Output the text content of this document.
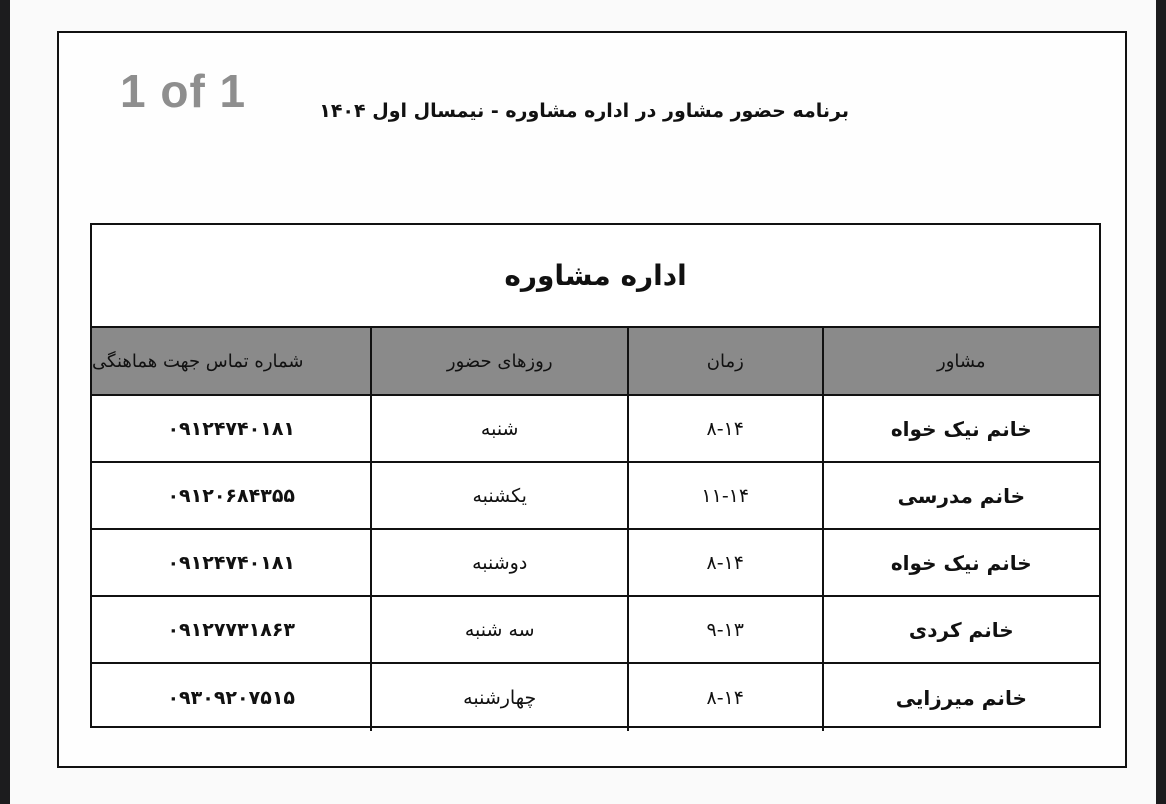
1 of 1	برنامه حضور مشاور در اداره مشاوره - نیمسال اول ۱۴۰۴
اداره مشاوره
مشاور
زمان
روزهای حضور
شماره تماس جهت هماهنگی
خانم نیک خواه
۸-۱۴
شنبه
۰۹۱۲۴۷۴۰۱۸۱
خانم مدرسی
۱۱-۱۴
یکشنبه
۰۹۱۲۰۶۸۴۳۵۵
خانم نیک خواه
۸-۱۴
دوشنبه
۰۹۱۲۴۷۴۰۱۸۱
خانم کردی
۹-۱۳
سه شنبه
۰۹۱۲۷۷۳۱۸۶۳
خانم میرزایی
۸-۱۴
چهارشنبه
۰۹۳۰۹۲۰۷۵۱۵
